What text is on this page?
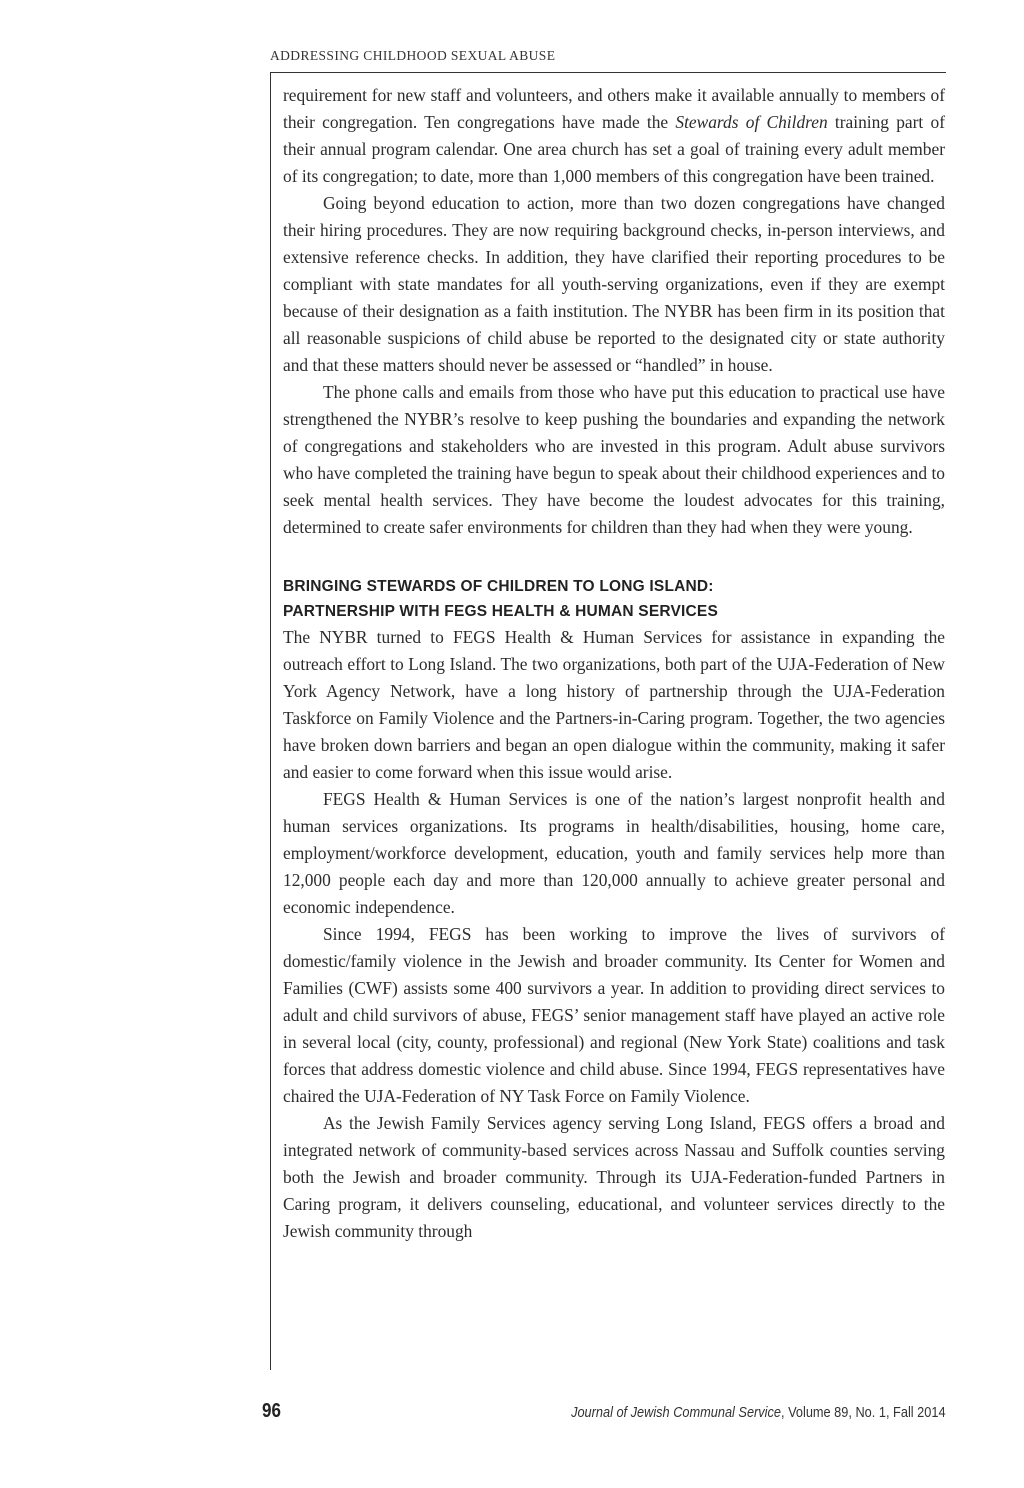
ADDRESSING CHILDHOOD SEXUAL ABUSE

requirement for new staff and volunteers, and others make it available annually to members of their congregation. Ten congregations have made the Stewards of Children training part of their annual program calendar. One area church has set a goal of training every adult member of its congregation; to date, more than 1,000 members of this congregation have been trained.

Going beyond education to action, more than two dozen congregations have changed their hiring procedures. They are now requiring background checks, in-person interviews, and extensive reference checks. In addition, they have clarified their reporting procedures to be compliant with state mandates for all youth-serving organizations, even if they are exempt because of their designation as a faith institution. The NYBR has been firm in its position that all reasonable suspicions of child abuse be reported to the designated city or state authority and that these matters should never be assessed or “handled” in house.

The phone calls and emails from those who have put this education to practical use have strengthened the NYBR’s resolve to keep pushing the boundaries and expanding the network of congregations and stakeholders who are invested in this program. Adult abuse survivors who have completed the training have begun to speak about their childhood experiences and to seek mental health services. They have become the loudest advocates for this training, determined to create safer environments for children than they had when they were young.

BRINGING STEWARDS OF CHILDREN TO LONG ISLAND:
PARTNERSHIP WITH FEGS HEALTH & HUMAN SERVICES

The NYBR turned to FEGS Health & Human Services for assistance in expanding the outreach effort to Long Island. The two organizations, both part of the UJA-Federation of New York Agency Network, have a long history of partnership through the UJA-Federation Taskforce on Family Violence and the Partners-in-Caring program. Together, the two agencies have broken down barriers and began an open dialogue within the community, making it safer and easier to come forward when this issue would arise.

FEGS Health & Human Services is one of the nation’s largest nonprofit health and human services organizations. Its programs in health/disabilities, housing, home care, employment/workforce development, education, youth and family services help more than 12,000 people each day and more than 120,000 annually to achieve greater personal and economic independence.

Since 1994, FEGS has been working to improve the lives of survivors of domestic/family violence in the Jewish and broader community. Its Center for Women and Families (CWF) assists some 400 survivors a year. In addition to providing direct services to adult and child survivors of abuse, FEGS’ senior management staff have played an active role in several local (city, county, professional) and regional (New York State) coalitions and task forces that address domestic violence and child abuse. Since 1994, FEGS representatives have chaired the UJA-Federation of NY Task Force on Family Violence.

As the Jewish Family Services agency serving Long Island, FEGS offers a broad and integrated network of community-based services across Nassau and Suffolk counties serving both the Jewish and broader community. Through its UJA-Federation-funded Partners in Caring program, it delivers counseling, educational, and volunteer services directly to the Jewish community through

96	Journal of Jewish Communal Service, Volume 89, No. 1, Fall 2014
